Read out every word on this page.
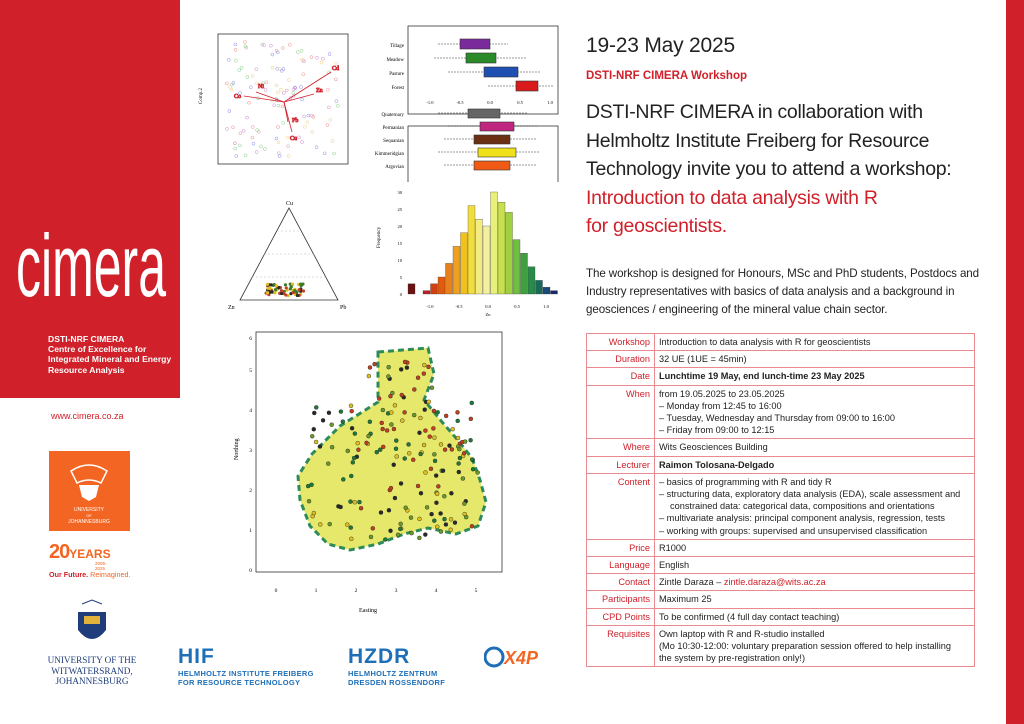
cimera
DSTI-NRF CIMERA
Centre of Excellence for
Integrated Mineral and Energy
Resource Analysis
www.cimera.co.za
Comp.2	Co
Cd
Cu
Ni
Zn
Pb
Tillage
Meadow
Pasture
Forest
Quaternary
Permanian
Sequanian
Kimmeridgian
Argovian
-1.0	-0.5	0.0	0.5	1.0
Cu
Zn	Pb
Frequency
-1.0	-0.5	0.0	0.5	1.0
Zn
0
5
10
15
20
25
30
Northing
Easting
0	1	2	3	4	5
0
1
2
3
4
5
6
19-23 May 2025
DSTI-NRF CIMERA Workshop
DSTI-NRF CIMERA in collaboration with
Helmholtz Institute Freiberg for Resource
Technology invite you to attend a workshop:
Introduction to data analysis with R
for geoscientists.
The workshop is designed for Honours, MSc and PhD students, Postdocs and Industry representatives with basics of data analysis and a background in geosciences / engineering of the mineral value chain sector.
Workshop	Introduction to data analysis with R for geoscientists
Duration	32 UE (1UE = 45min)
Date	Lunchtime 19 May, end lunch-time 23 May 2025
When	from 19.05.2025 to 23.05.2025
– Monday from 12:45 to 16:00
– Tuesday, Wednesday and Thursday from 09:00 to 16:00
– Friday from 09:00 to 12:15

Where	Wits Geosciences Building
Lecturer	Raimon Tolosana-Delgado
Content	– basics of programming with R and tidy R
– structuring data, exploratory data analysis (EDA), scale assessment and
constrained data: categorical data, compositions and orientations
– multivariate analysis: principal component analysis, regression, tests
– working with groups: supervised and unsupervised classification

Price	R1000
Language	English
Contact	Zintle Daraza – zintle.daraza@wits.ac.za
Participants	Maximum 25
CPD Points	To be confirmed (4 full day contact teaching)
Requisites	Own laptop with R and R-studio installed
(Mo 10:30-12:00: voluntary preparation session offered to help installing
the system by pre-registration only!)
UNIVERSITY
OF
JOHANNESBURG
20YEARS
2005-2025
Our Future. Reimagined.
UNIVERSITY OF THE
WITWATERSRAND,
JOHANNESBURG
HIF
HELMHOLTZ INSTITUTE FREIBERG
FOR RESOURCE TECHNOLOGY
HZDR
HELMHOLTZ ZENTRUM
DRESDEN ROSSENDORF
X4P
